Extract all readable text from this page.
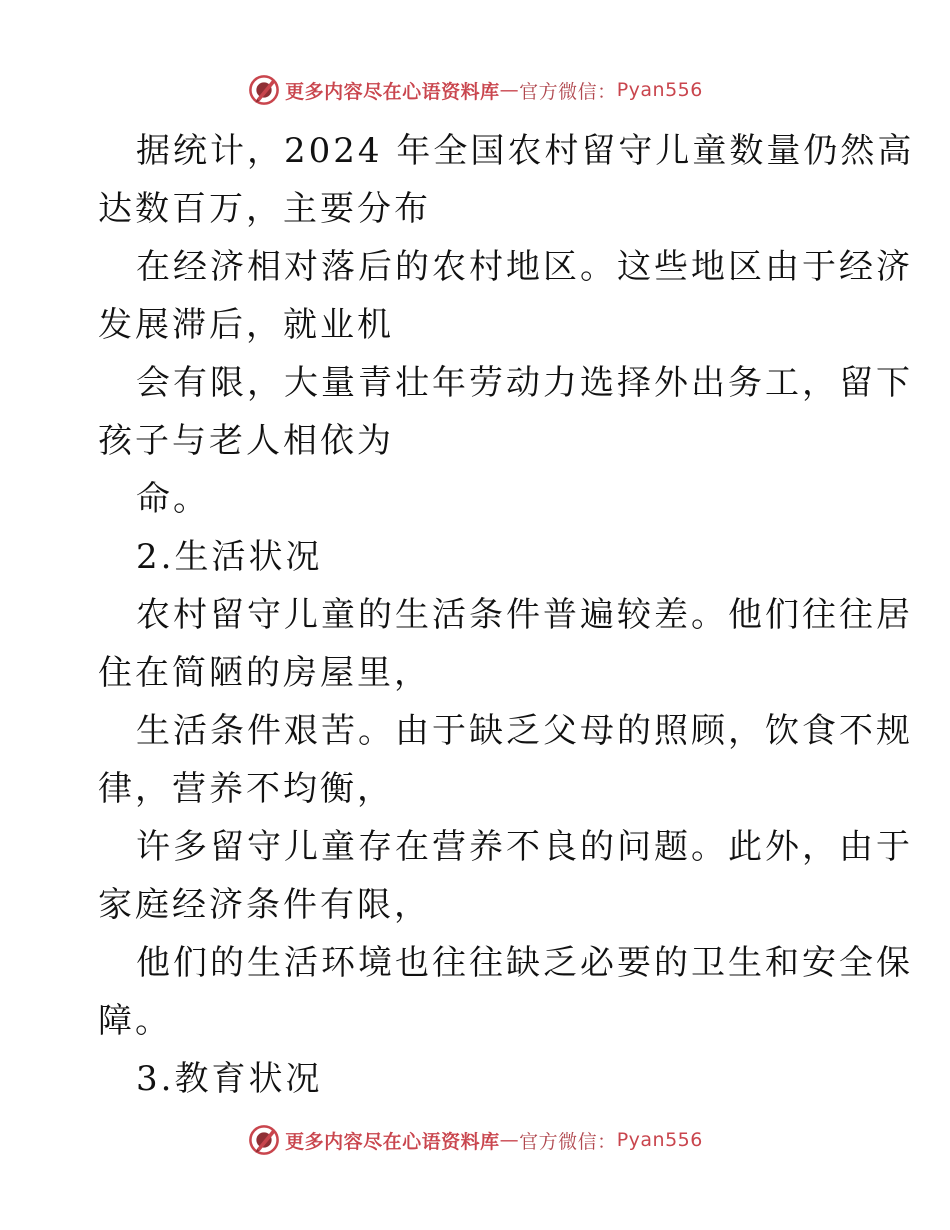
更多内容尽在心语资料库 — 官方微信： Pyan556
据统计，2024 年全国农村留守儿童数量仍然高
达数百万，主要分布
在经济相对落后的农村地区。这些地区由于经济
发展滞后，就业机
会有限，大量青壮年劳动力选择外出务工，留下
孩子与老人相依为
命。
2.生活状况
农村留守儿童的生活条件普遍较差。他们往往居
住在简陋的房屋里，
生活条件艰苦。由于缺乏父母的照顾，饮食不规
律，营养不均衡，
许多留守儿童存在营养不良的问题。此外，由于
家庭经济条件有限，
他们的生活环境也往往缺乏必要的卫生和安全保
障。
3.教育状况
更多内容尽在心语资料库 — 官方微信： Pyan556
